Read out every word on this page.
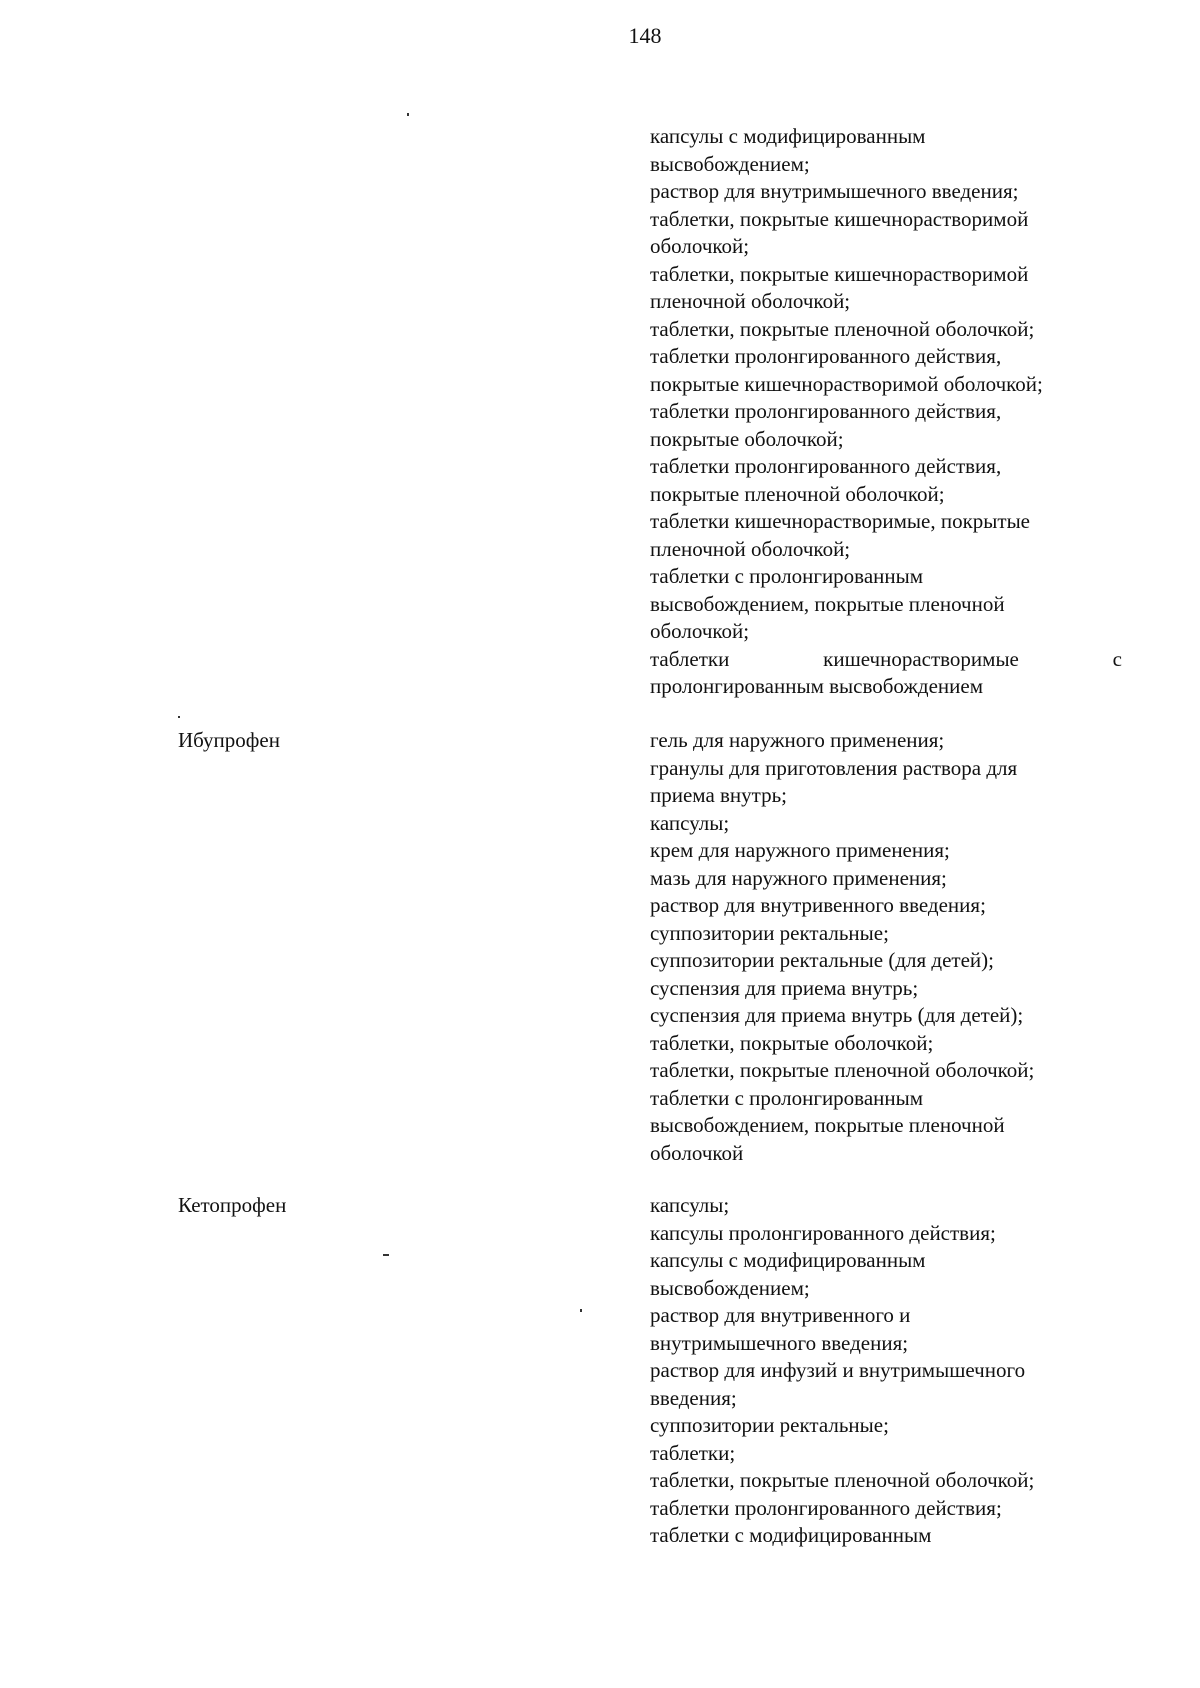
148
капсулы с модифицированным
высвобождением;
раствор для внутримышечного введения;
таблетки, покрытые кишечнорастворимой
оболочкой;
таблетки, покрытые кишечнорастворимой
пленочной оболочкой;
таблетки, покрытые пленочной оболочкой;
таблетки пролонгированного действия,
покрытые кишечнорастворимой оболочкой;
таблетки пролонгированного действия,
покрытые оболочкой;
таблетки пролонгированного действия,
покрытые пленочной оболочкой;
таблетки кишечнорастворимые, покрытые
пленочной оболочкой;
таблетки с пролонгированным
высвобождением, покрытые пленочной
оболочкой;
таблетки	кишечнорастворимые	с
пролонгированным высвобождением
Ибупрофен	гель для наружного применения;
гранулы для приготовления раствора для
приема внутрь;
капсулы;
крем для наружного применения;
мазь для наружного применения;
раствор для внутривенного введения;
суппозитории ректальные;
суппозитории ректальные (для детей);
суспензия для приема внутрь;
суспензия для приема внутрь (для детей);
таблетки, покрытые оболочкой;
таблетки, покрытые пленочной оболочкой;
таблетки с пролонгированным
высвобождением, покрытые пленочной
оболочкой
Кетопрофен	капсулы;
капсулы пролонгированного действия;
капсулы с модифицированным
высвобождением;
раствор для внутривенного и
внутримышечного введения;
раствор для инфузий и внутримышечного
введения;
суппозитории ректальные;
таблетки;
таблетки, покрытые пленочной оболочкой;
таблетки пролонгированного действия;
таблетки с модифицированным
